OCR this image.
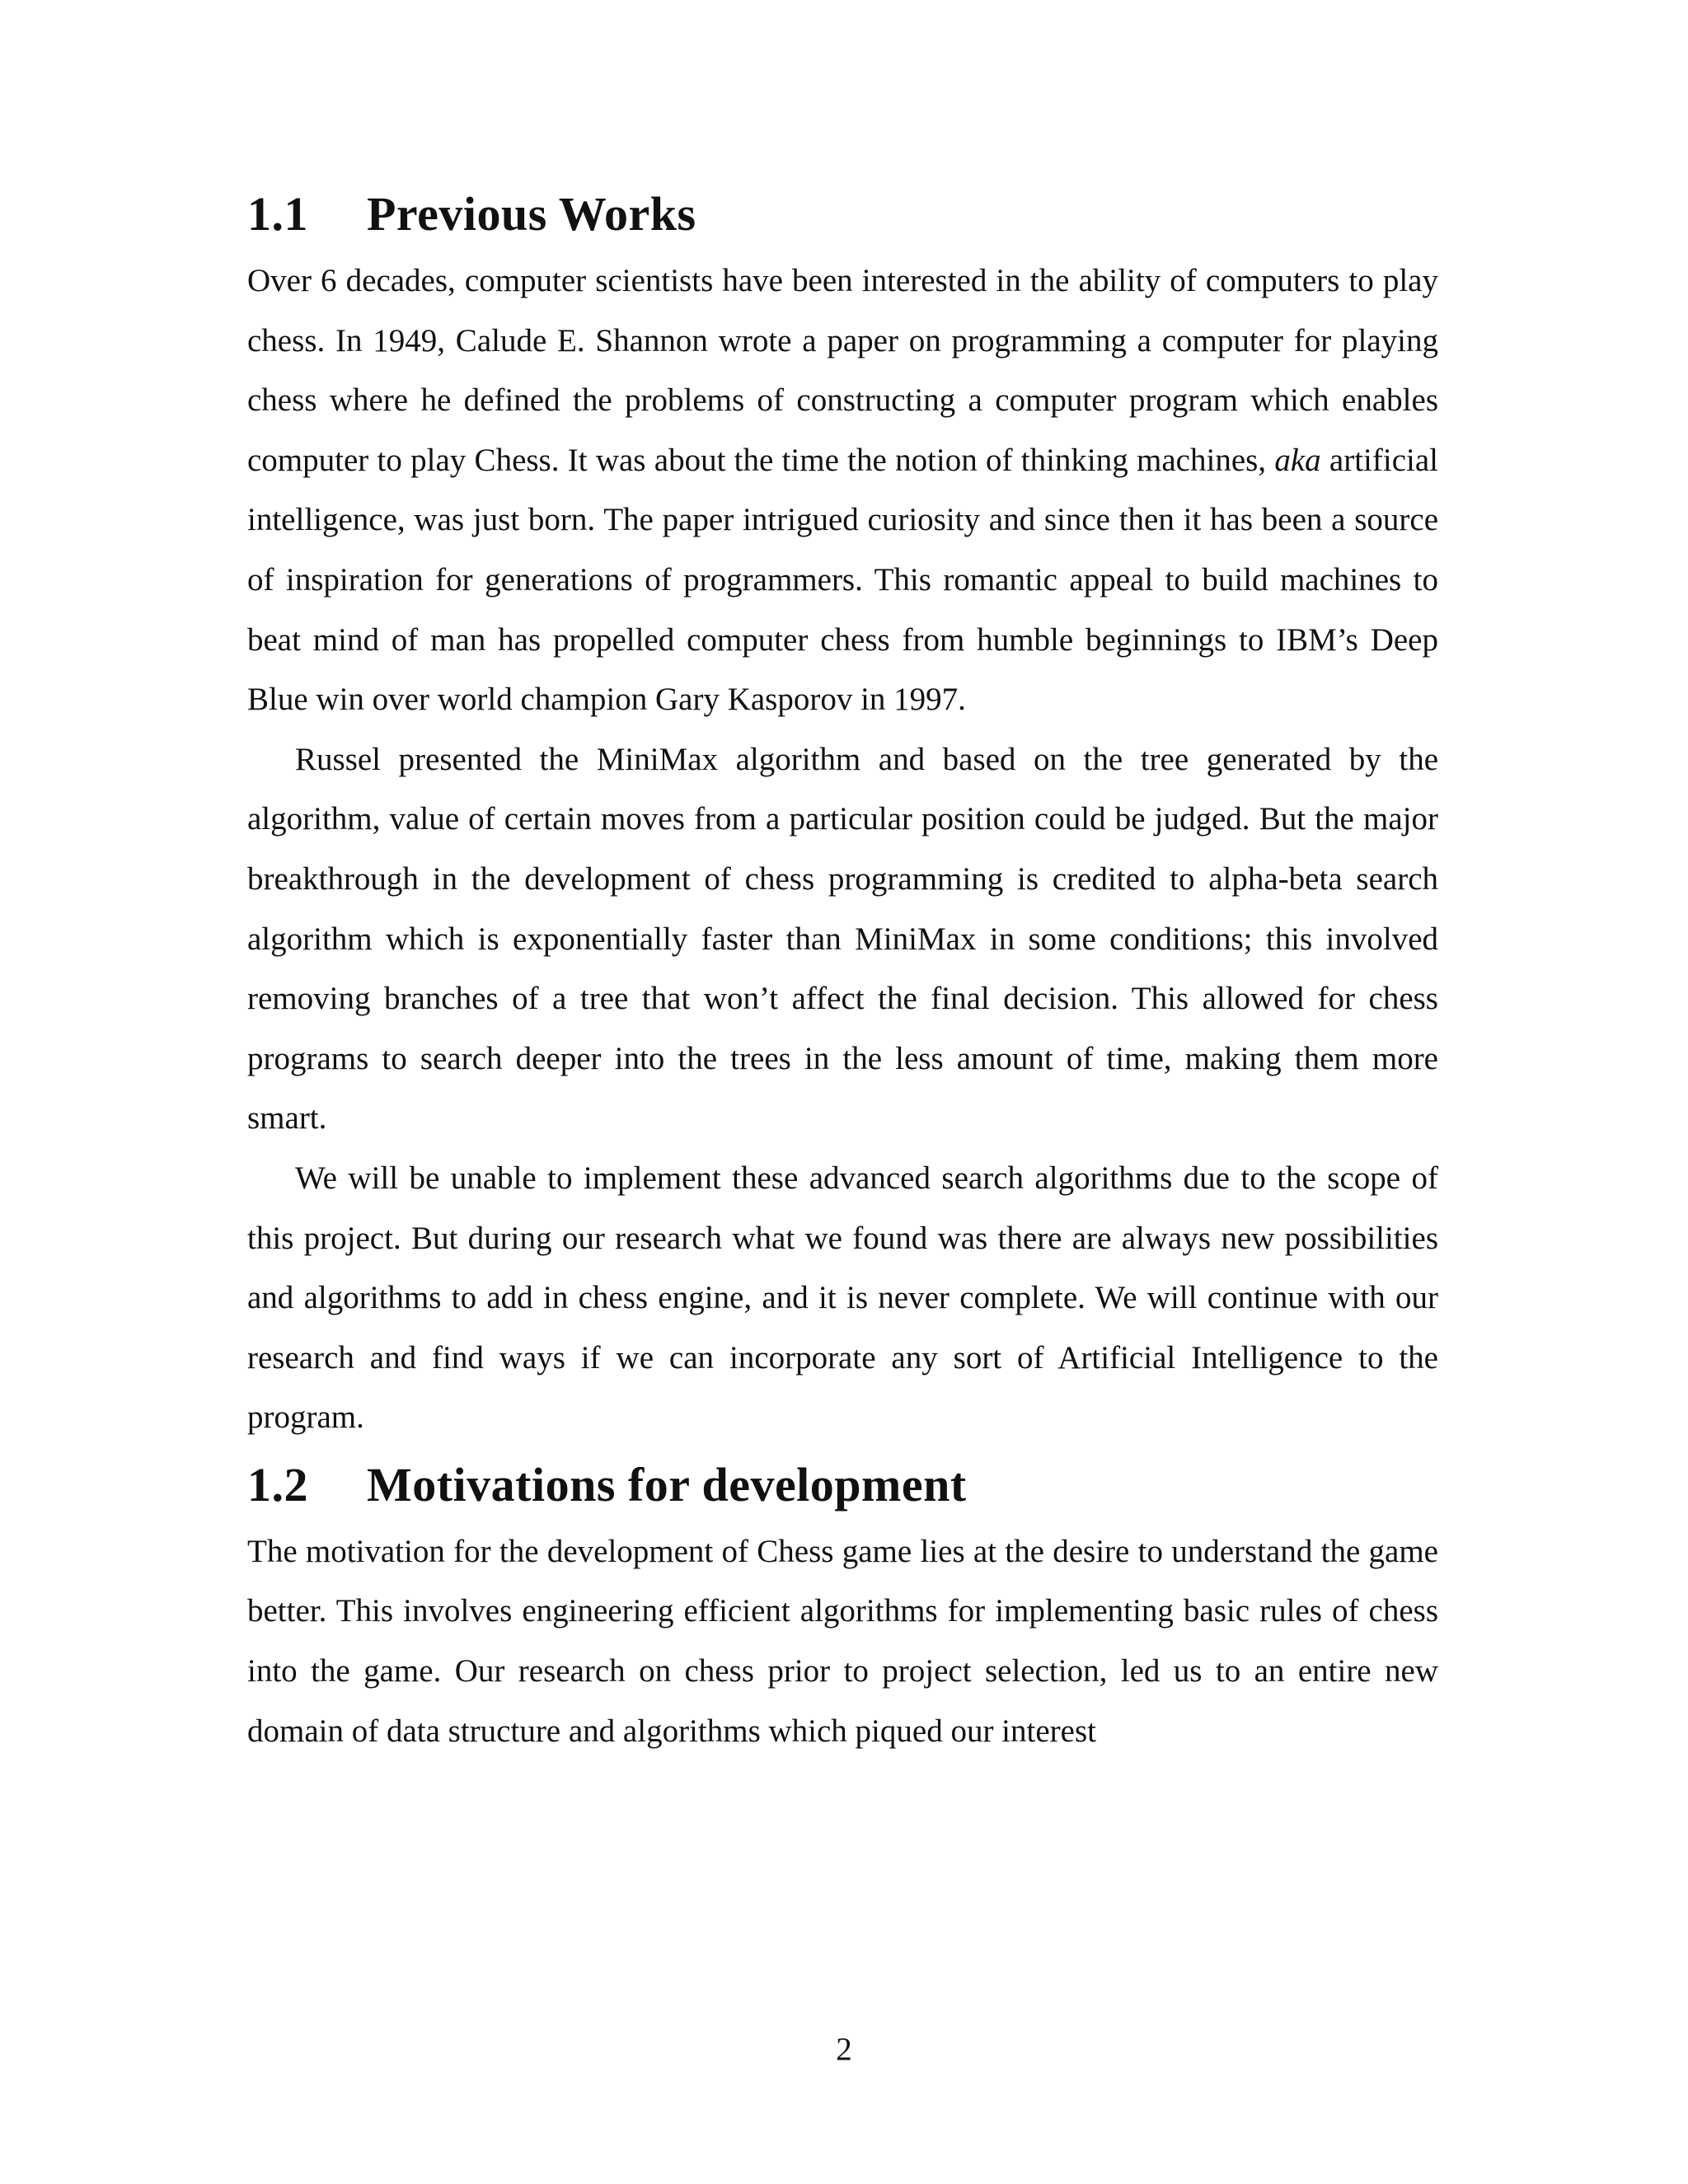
1.1 Previous Works

Over 6 decades, computer scientists have been interested in the ability of computers to play chess. In 1949, Calude E. Shannon wrote a paper on programming a computer for playing chess where he defined the problems of constructing a computer program which enables computer to play Chess. It was about the time the notion of thinking machines, aka artificial intelligence, was just born. The paper intrigued curiosity and since then it has been a source of inspiration for generations of programmers. This romantic appeal to build machines to beat mind of man has propelled computer chess from humble beginnings to IBM’s Deep Blue win over world champion Gary Kasporov in 1997.

Russel presented the MiniMax algorithm and based on the tree generated by the algorithm, value of certain moves from a particular position could be judged. But the major breakthrough in the development of chess programming is credited to alpha-beta search algorithm which is exponentially faster than MiniMax in some conditions; this involved removing branches of a tree that won’t affect the final decision. This allowed for chess programs to search deeper into the trees in the less amount of time, making them more smart.

We will be unable to implement these advanced search algorithms due to the scope of this project. But during our research what we found was there are always new possibilities and algorithms to add in chess engine, and it is never complete. We will continue with our research and find ways if we can incorporate any sort of Artificial Intelligence to the program.

1.2 Motivations for development

The motivation for the development of Chess game lies at the desire to understand the game better. This involves engineering efficient algorithms for implementing basic rules of chess into the game. Our research on chess prior to project selection, led us to an entire new domain of data structure and algorithms which piqued our interest

2
